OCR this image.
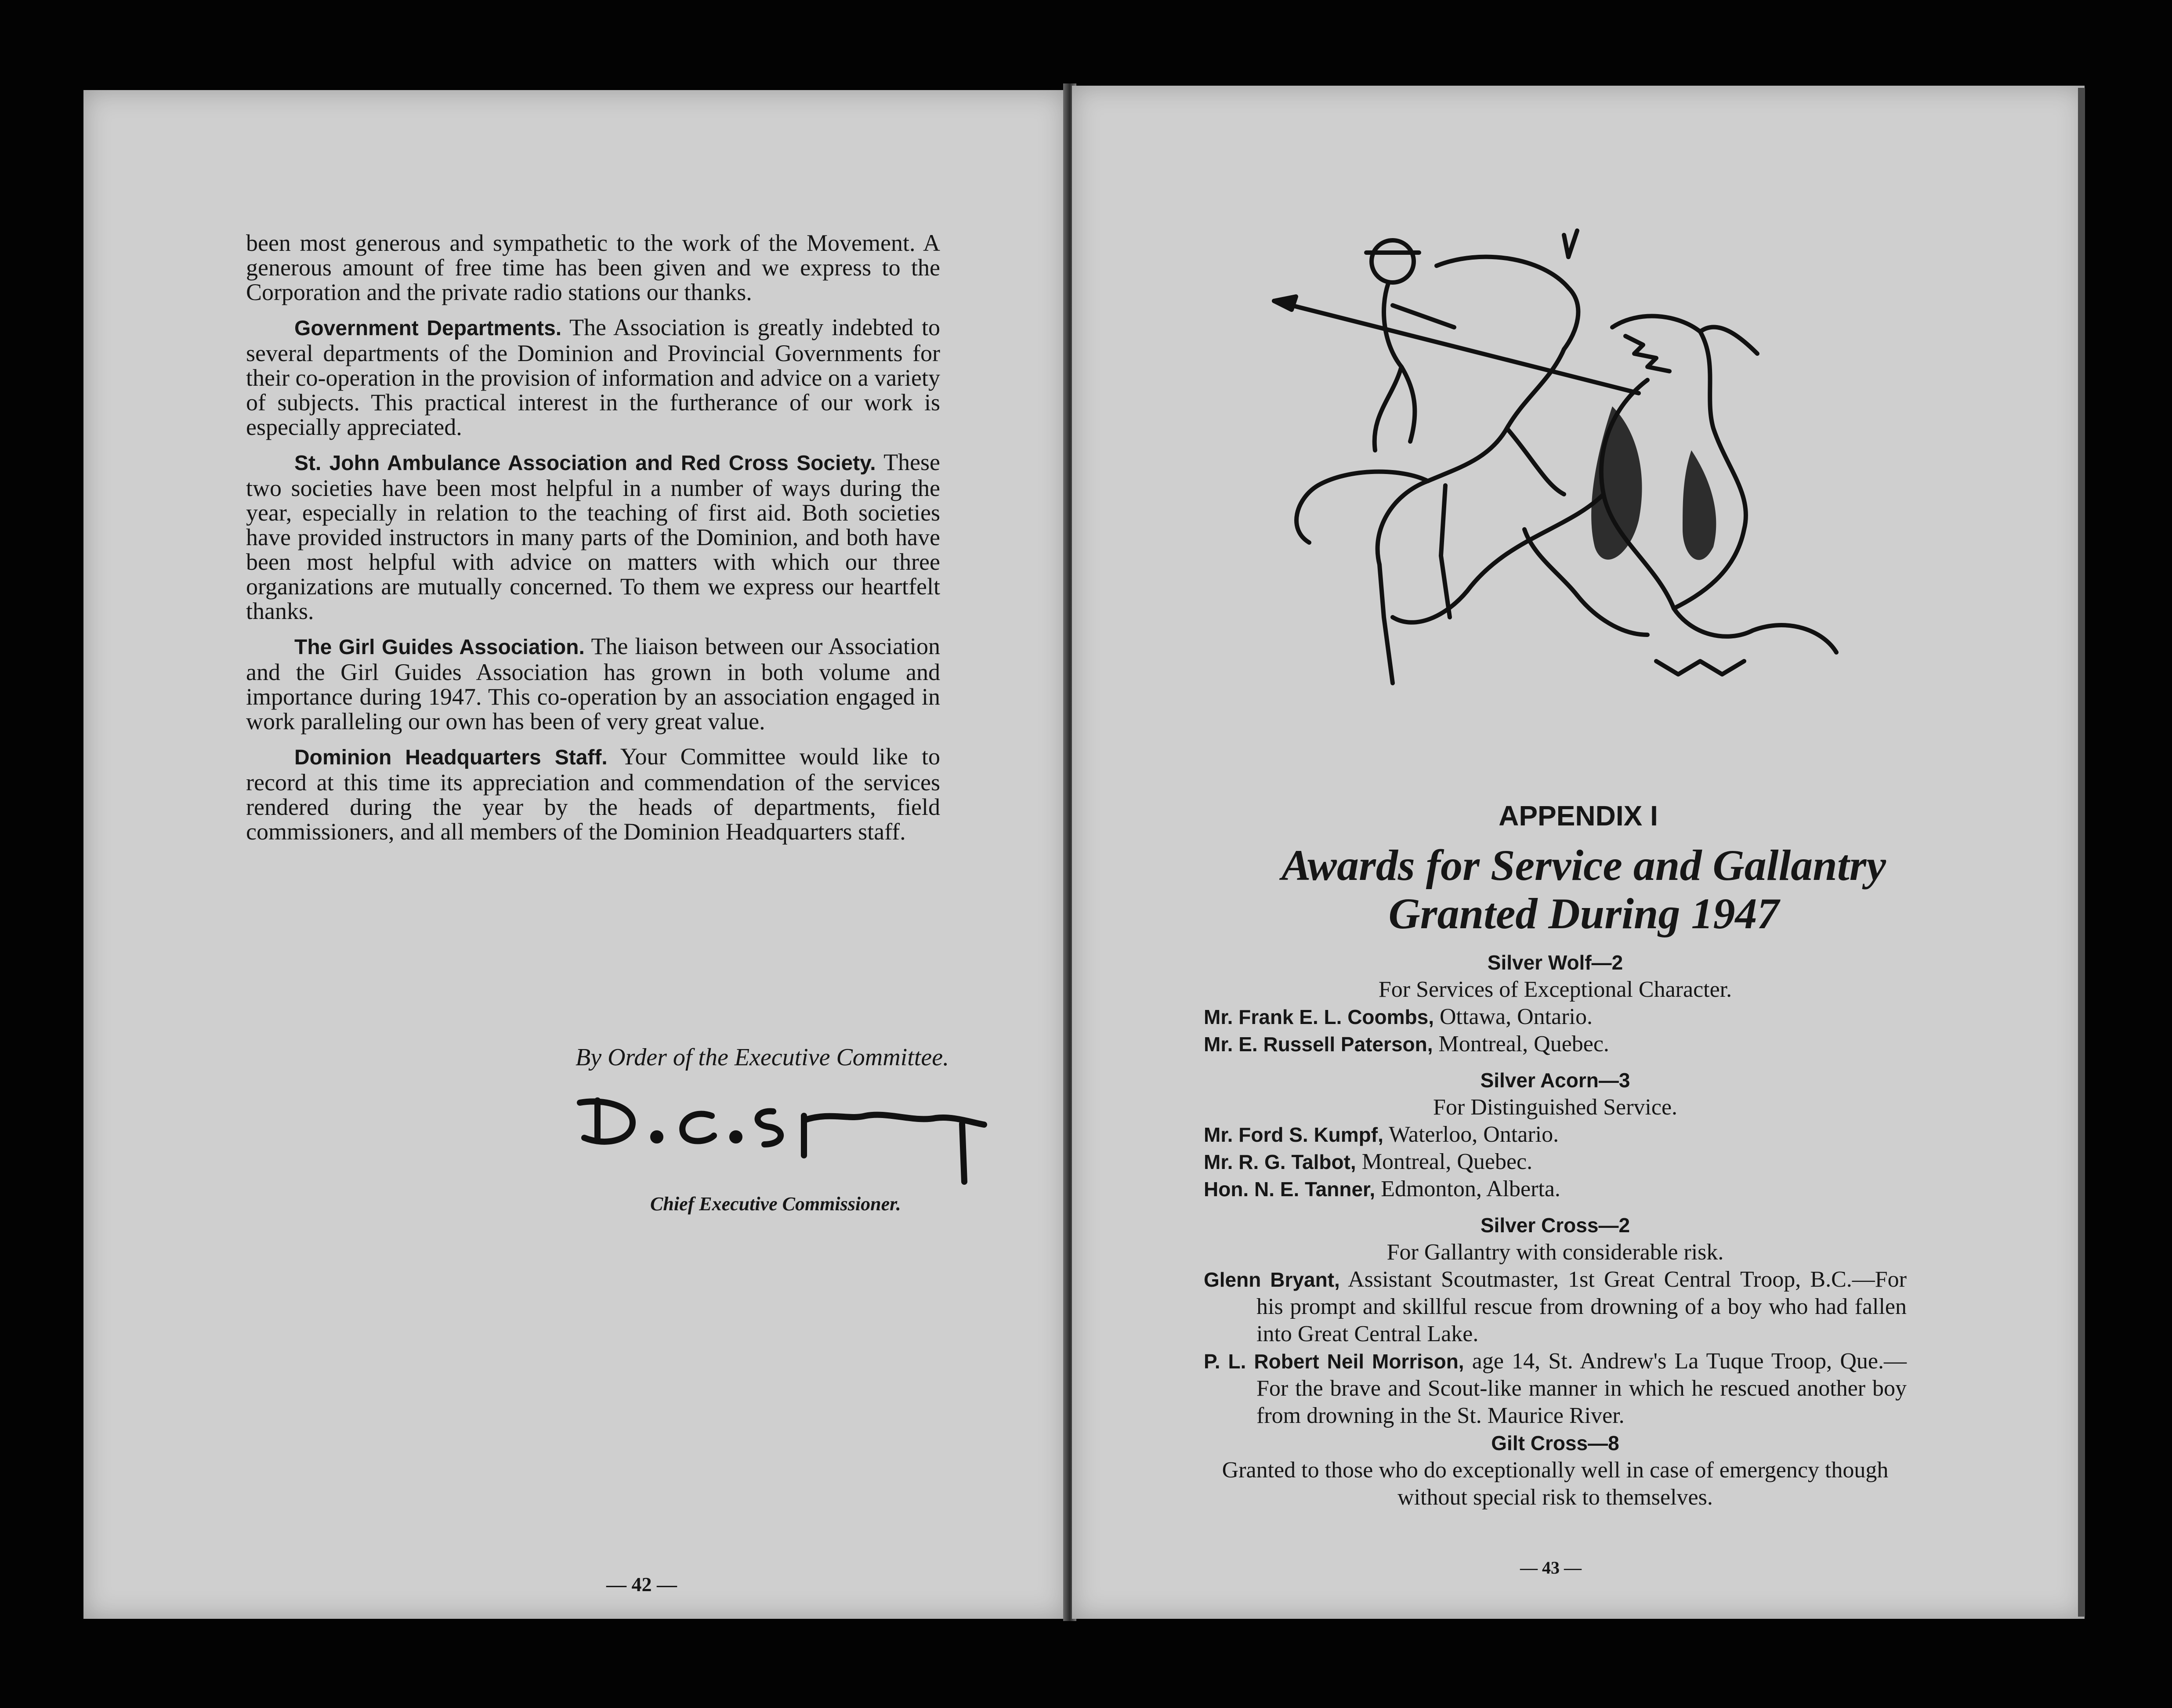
been most generous and sympathetic to the work of the Movement. A generous amount of free time has been given and we express to the Corporation and the private radio stations our thanks.

Government Departments. The Association is greatly indebted to several departments of the Dominion and Provincial Governments for their co-operation in the provision of information and advice on a variety of subjects. This practical interest in the furtherance of our work is especially appreciated.

St. John Ambulance Association and Red Cross Society. These two societies have been most helpful in a number of ways during the year, especially in relation to the teaching of first aid. Both societies have provided instructors in many parts of the Dominion, and both have been most helpful with advice on matters with which our three organizations are mutually concerned. To them we express our heartfelt thanks.

The Girl Guides Association. The liaison between our Association and the Girl Guides Association has grown in both volume and importance during 1947. This co-operation by an association engaged in work paralleling our own has been of very great value.

Dominion Headquarters Staff. Your Committee would like to record at this time its appreciation and commendation of the services rendered during the year by the heads of departments, field commissioners, and all members of the Dominion Headquarters staff.

By Order of the Executive Committee.
Chief Executive Commissioner.
— 42 —
APPENDIX I
Awards for Service and Gallantry
Granted During 1947
Silver Wolf—2
For Services of Exceptional Character.

Mr. Frank E. L. Coombs, Ottawa, Ontario.

Mr. E. Russell Paterson, Montreal, Quebec.

Silver Acorn—3
For Distinguished Service.

Mr. Ford S. Kumpf, Waterloo, Ontario.

Mr. R. G. Talbot, Montreal, Quebec.

Hon. N. E. Tanner, Edmonton, Alberta.

Silver Cross—2
For Gallantry with considerable risk.

Glenn Bryant, Assistant Scoutmaster, 1st Great Central Troop, B.C.—For his prompt and skillful rescue from drowning of a boy who had fallen into Great Central Lake.

P. L. Robert Neil Morrison, age 14, St. Andrew's La Tuque Troop, Que.—For the brave and Scout-like manner in which he rescued another boy from drowning in the St. Maurice River.

Gilt Cross—8
Granted to those who do exceptionally well in case of emergency though without special risk to themselves.
— 43 —
